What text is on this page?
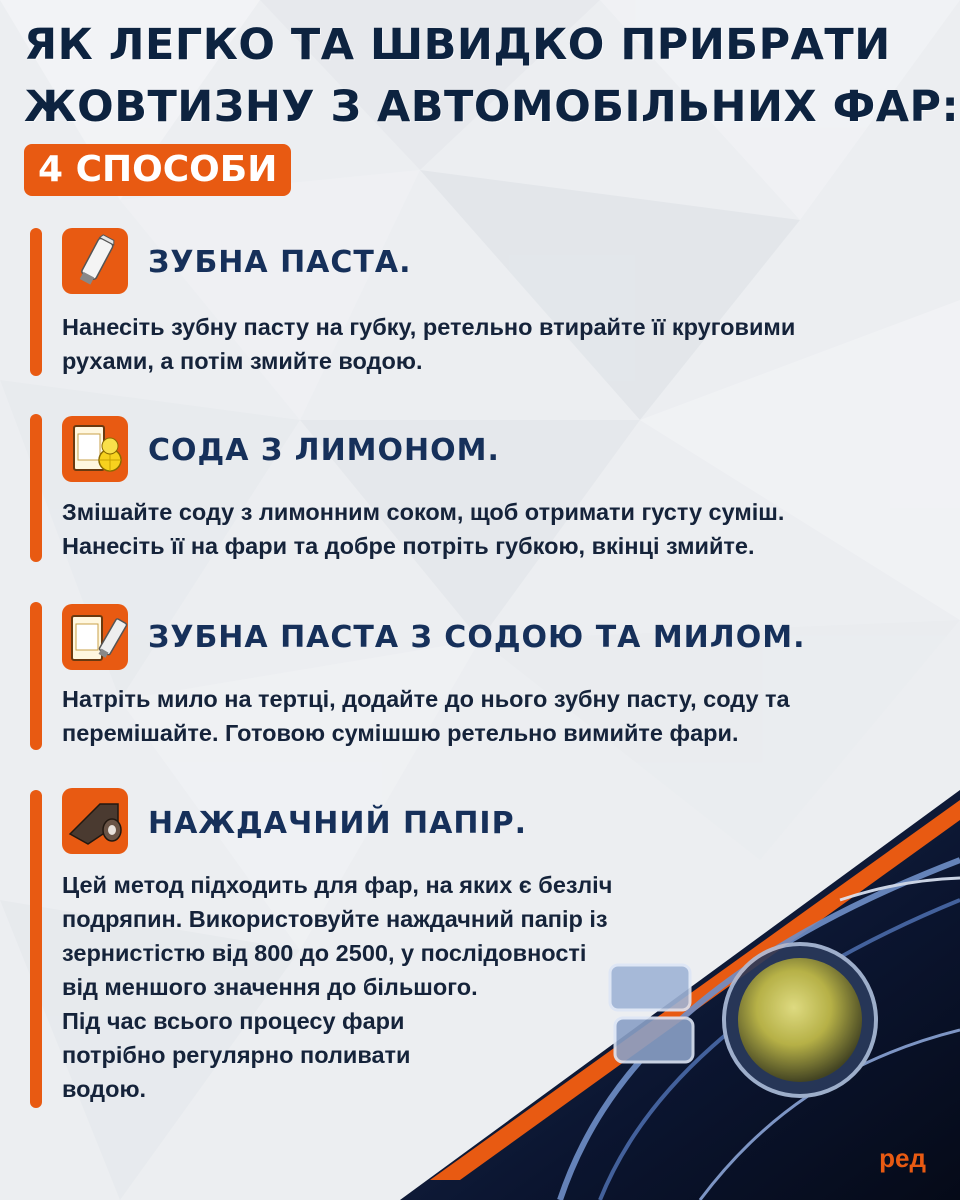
ЯК ЛЕГКО ТА ШВИДКО ПРИБРАТИ
ЖОВТИЗНУ З АВТОМОБІЛЬНИХ ФАР:
4 СПОСОБИ
ЗУБНА ПАСТА.
Нанесіть зубну пасту на губку, ретельно втирайте її круговими
рухами, а потім змийте водою.
СОДА З ЛИМОНОМ.
Змішайте соду з лимонним соком, щоб отримати густу суміш.
Нанесіть її на фари та добре потріть губкою, вкінці змийте.
ЗУБНА ПАСТА З СОДОЮ ТА МИЛОМ.
Натріть мило на тертці, додайте до нього зубну пасту, соду та
перемішайте. Готовою сумішшю ретельно вимийте фари.
НАЖДАЧНИЙ ПАПІР.
Цей метод підходить для фар, на яких є безліч
подряпин. Використовуйте наждачний папір із
зернистістю від 800 до 2500, у послідовності
від меншого значення до більшого.
Під час всього процесу фари
потрібно регулярно поливати
водою.
ред
